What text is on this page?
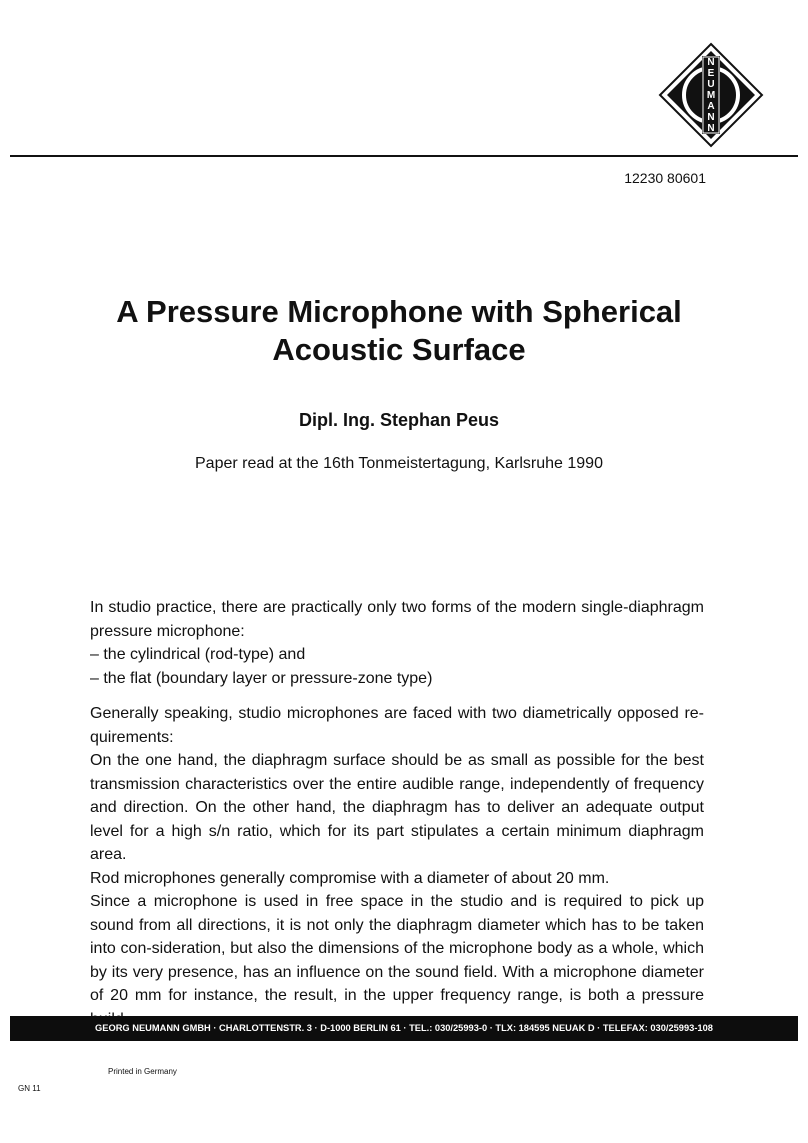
N
E
U
M
A
N
N
12230 80601
A Pressure Microphone with Spherical
Acoustic Surface

Dipl. Ing. Stephan Peus

Paper read at the 16th Tonmeistertagung, Karlsruhe 1990

In studio practice, there are practically only two forms of the modern single-diaphragm pressure microphone:

– the cylindrical (rod-type) and
– the flat (boundary layer or pressure-zone type)

Generally speaking, studio microphones are faced with two diametrically opposed re-quirements:

On the one hand, the diaphragm surface should be as small as possible for the best transmission characteristics over the entire audible range, independently of frequency and direction. On the other hand, the diaphragm has to deliver an adequate output level for a high s/n ratio, which for its part stipulates a certain minimum diaphragm area.

Rod microphones generally compromise with a diameter of about 20 mm.

Since a microphone is used in free space in the studio and is required to pick up sound from all directions, it is not only the diaphragm diameter which has to be taken into con-sideration, but also the dimensions of the microphone body as a whole, which by its very presence, has an influence on the sound field. With a microphone diameter of 20 mm for instance, the result, in the upper frequency range, is both a pressure

GEORG NEUMANN GMBH · CHARLOTTENSTR. 3 · D-1000 BERLIN 61 · TEL.: 030/25993-0 · TLX: 184595 NEUAK D · TELEFAX: 030/25993-108
Printed in Germany
GN 11
